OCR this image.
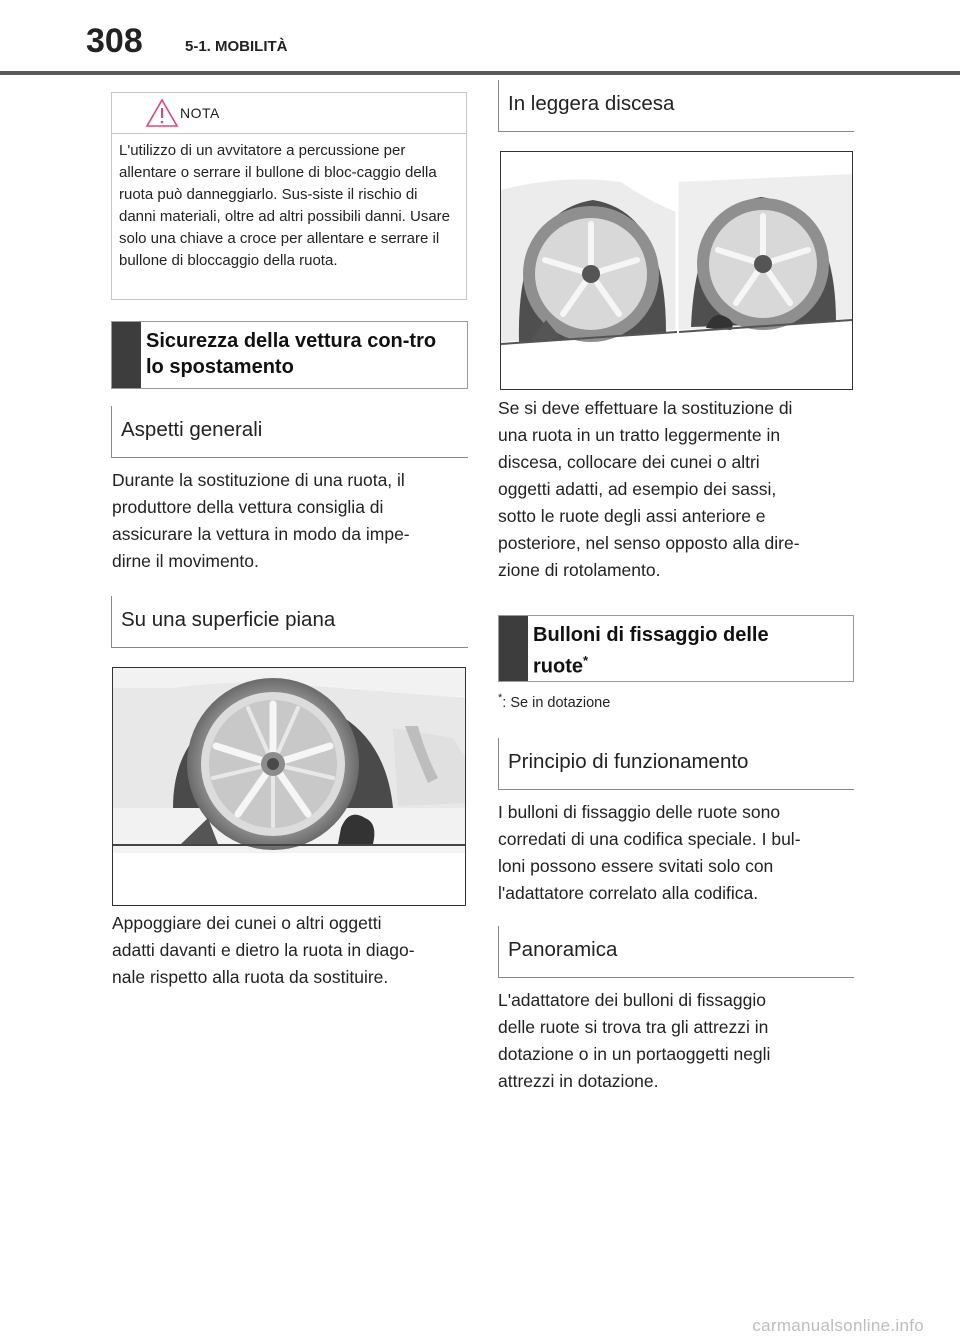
308	5-1. MOBILITÀ
NOTA
L'utilizzo di un avvitatore a percussione per allentare o serrare il bullone di bloc-caggio della ruota può danneggiarlo. Sus-siste il rischio di danni materiali, oltre ad altri possibili danni. Usare solo una chiave a croce per allentare e serrare il bullone di bloccaggio della ruota.
Sicurezza della vettura con-tro lo spostamento
Aspetti generali
Durante la sostituzione di una ruota, il
produttore della vettura consiglia di
assicurare la vettura in modo da impe-
dirne il movimento.
Su una superficie piana
Appoggiare dei cunei o altri oggetti
adatti davanti e dietro la ruota in diago-
nale rispetto alla ruota da sostituire.
In leggera discesa
Se si deve effettuare la sostituzione di
una ruota in un tratto leggermente in
discesa, collocare dei cunei o altri
oggetti adatti, ad esempio dei sassi,
sotto le ruote degli assi anteriore e
posteriore, nel senso opposto alla dire-
zione di rotolamento.
Bulloni di fissaggio delle
ruote*
*: Se in dotazione
Principio di funzionamento
I bulloni di fissaggio delle ruote sono
corredati di una codifica speciale. I bul-
loni possono essere svitati solo con
l'adattatore correlato alla codifica.
Panoramica
L'adattatore dei bulloni di fissaggio
delle ruote si trova tra gli attrezzi in
dotazione o in un portaoggetti negli
attrezzi in dotazione.
carmanualsonline.info
